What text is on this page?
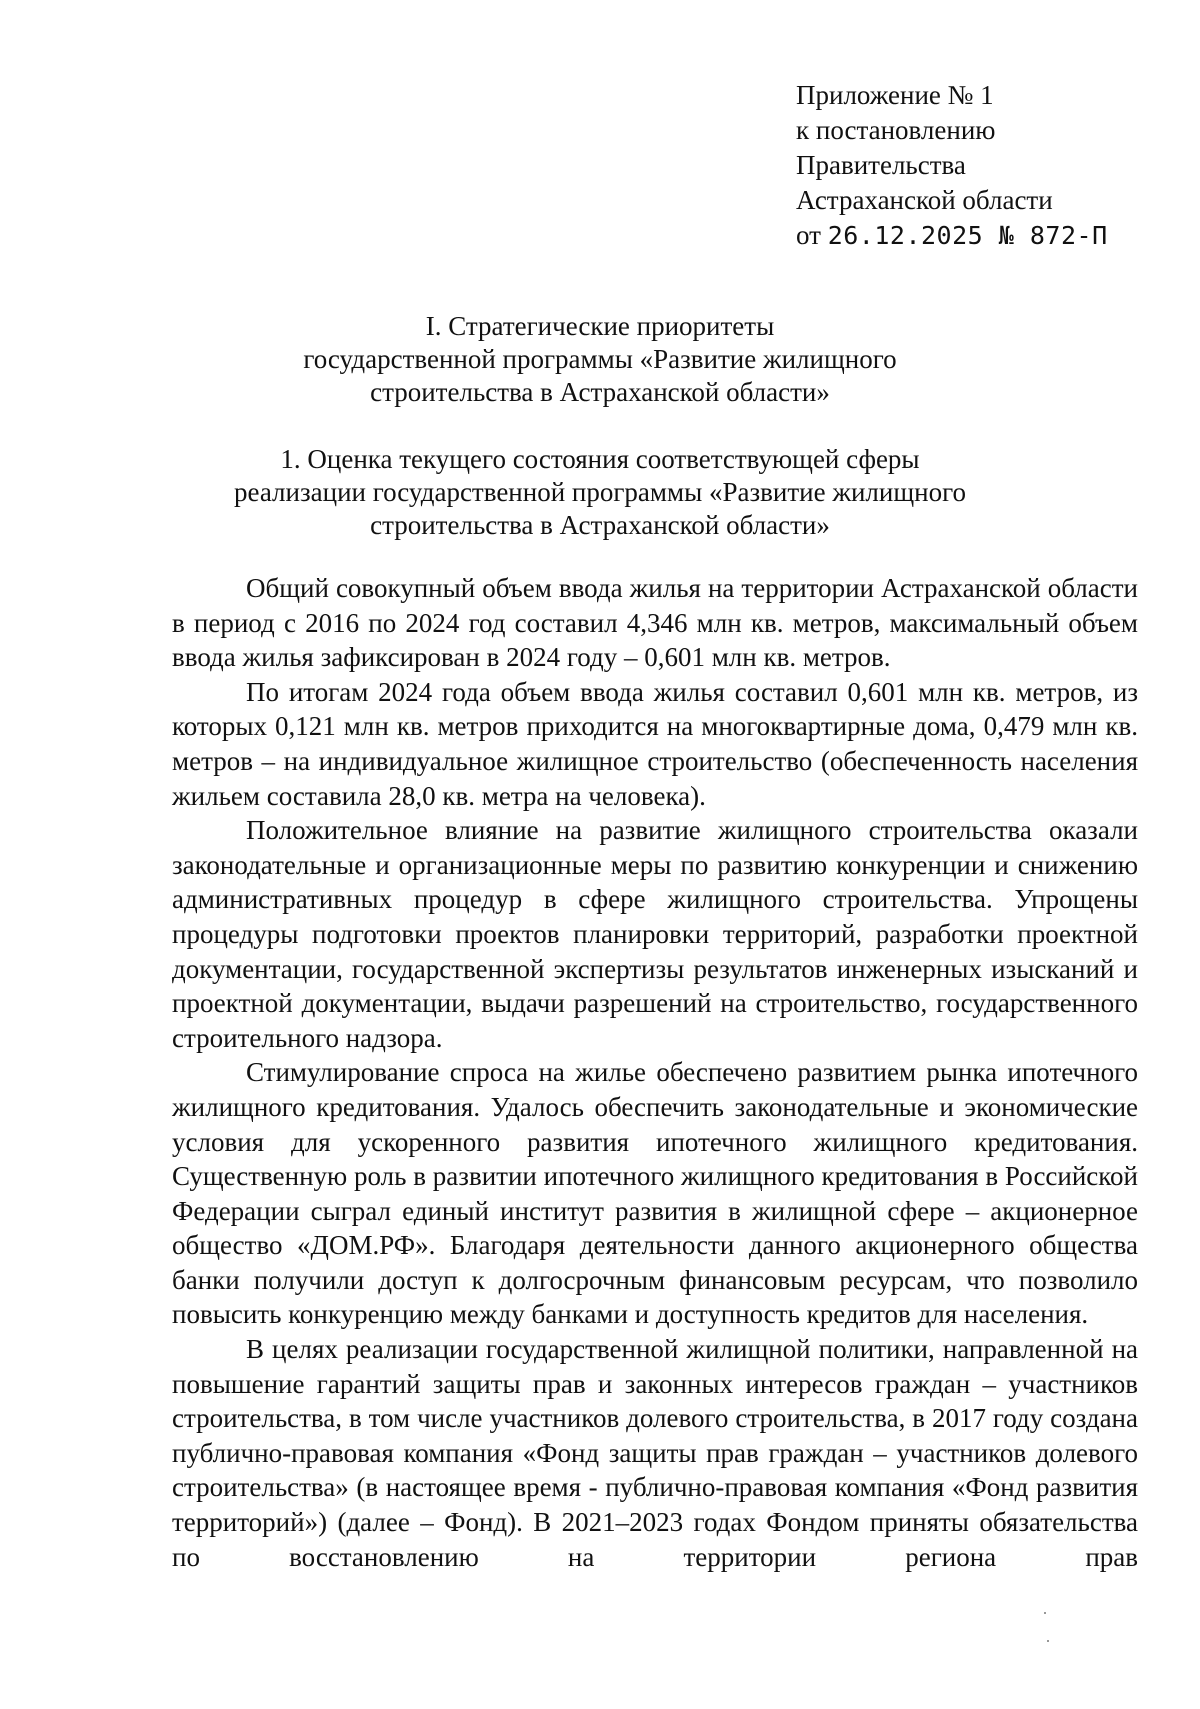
Приложение № 1
к постановлению
Правительства
Астраханской области
от 26.12.2025 № 872-П
I. Стратегические приоритеты
государственной программы «Развитие жилищного
строительства в Астраханской области»
1. Оценка текущего состояния соответствующей сферы
реализации государственной программы «Развитие жилищного
строительства в Астраханской области»

Общий совокупный объем ввода жилья на территории Астраханской области в период с 2016 по 2024 год составил 4,346 млн кв. метров, максимальный объем ввода жилья зафиксирован в 2024 году – 0,601 млн кв. метров.

По итогам 2024 года объем ввода жилья составил 0,601 млн кв. метров, из которых 0,121 млн кв. метров приходится на многоквартирные дома, 0,479 млн кв. метров – на индивидуальное жилищное строительство (обеспеченность населения жильем составила 28,0 кв. метра на человека).

Положительное влияние на развитие жилищного строительства оказали законодательные и организационные меры по развитию конкуренции и снижению административных процедур в сфере жилищного строительства. Упрощены процедуры подготовки проектов планировки территорий, разработки проектной документации, государственной экспертизы результатов инженерных изысканий и проектной документации, выдачи разрешений на строительство, государственного строительного надзора.

Стимулирование спроса на жилье обеспечено развитием рынка ипотечного жилищного кредитования. Удалось обеспечить законодательные и экономические условия для ускоренного развития ипотечного жилищного кредитования. Существенную роль в развитии ипотечного жилищного кредитования в Российской Федерации сыграл единый институт развития в жилищной сфере – акционерное общество «ДОМ.РФ». Благодаря деятельности данного акционерного общества банки получили доступ к долгосрочным финансовым ресурсам, что позволило повысить конкуренцию между банками и доступность кредитов для населения.

В целях реализации государственной жилищной политики, направленной на повышение гарантий защиты прав и законных интересов граждан – участников строительства, в том числе участников долевого строительства, в 2017 году создана публично-правовая компания «Фонд защиты прав граждан – участников долевого строительства» (в настоящее время - публично-правовая компания «Фонд развития территорий») (далее – Фонд). В 2021–2023 годах Фондом приняты обязательства по восстановлению на территории региона прав
